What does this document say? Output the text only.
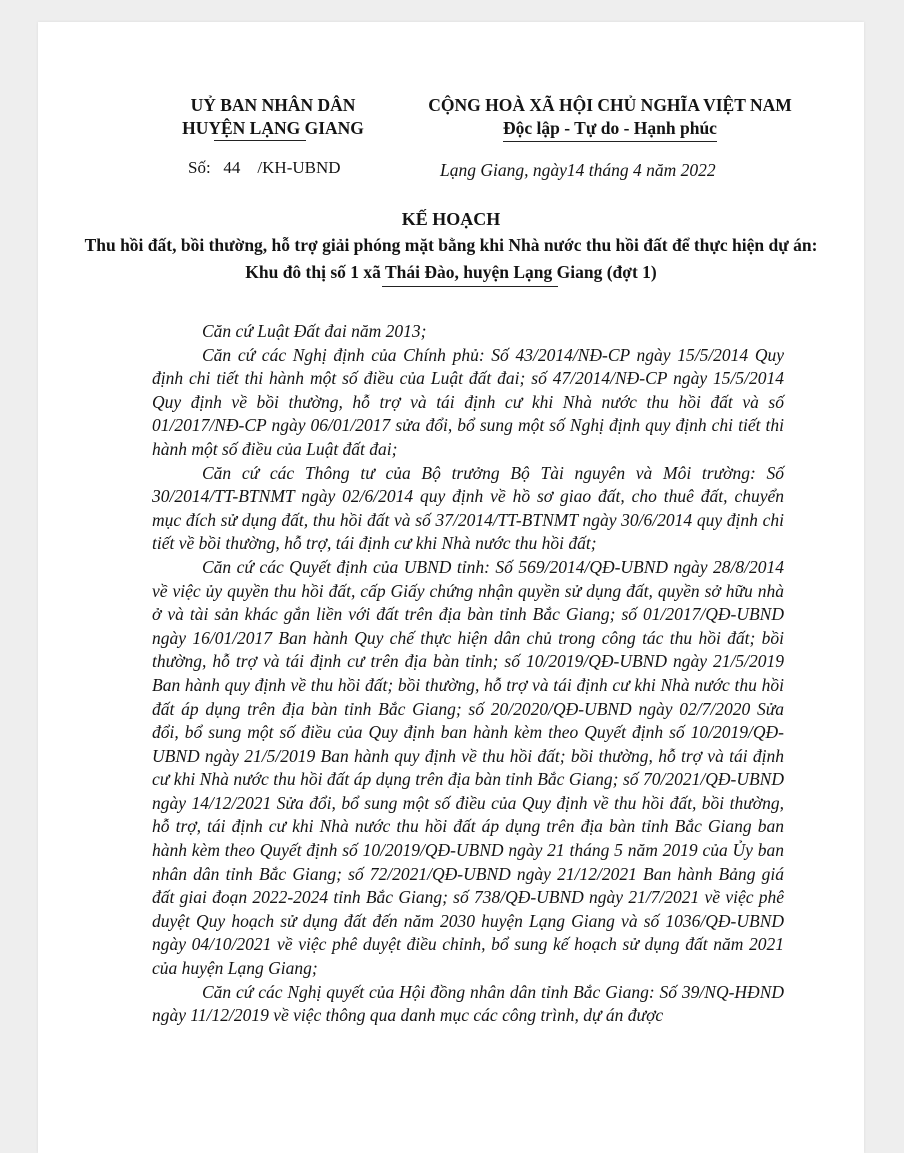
UỶ BAN NHÂN DÂN
HUYỆN LẠNG GIANG
CỘNG HOÀ XÃ HỘI CHỦ NGHĨA VIỆT NAM
Độc lập - Tự do - Hạnh phúc
Số:   44    /KH-UBND	Lạng Giang, ngày14 tháng 4 năm 2022
KẾ HOẠCH
Thu hồi đất, bồi thường, hỗ trợ giải phóng mặt bằng khi Nhà nước thu hồi đất để thực hiện dự án: Khu đô thị số 1 xã Thái Đào, huyện Lạng Giang (đợt 1)

Căn cứ Luật Đất đai năm 2013;

Căn cứ các Nghị định của Chính phủ: Số 43/2014/NĐ-CP ngày 15/5/2014 Quy định chi tiết thi hành một số điều của Luật đất đai; số 47/2014/NĐ-CP ngày 15/5/2014 Quy định về bồi thường, hỗ trợ và tái định cư khi Nhà nước thu hồi đất và số 01/2017/NĐ-CP ngày 06/01/2017 sửa đổi, bổ sung một số Nghị định quy định chi tiết thi hành một số điều của Luật đất đai;

Căn cứ các Thông tư của Bộ trưởng Bộ Tài nguyên và Môi trường: Số 30/2014/TT-BTNMT ngày 02/6/2014 quy định về hồ sơ giao đất, cho thuê đất, chuyển mục đích sử dụng đất, thu hồi đất và số 37/2014/TT-BTNMT ngày 30/6/2014 quy định chi tiết về bồi thường, hỗ trợ, tái định cư khi Nhà nước thu hồi đất;

Căn cứ các Quyết định của UBND tỉnh: Số 569/2014/QĐ-UBND ngày 28/8/2014 về việc ủy quyền thu hồi đất, cấp Giấy chứng nhận quyền sử dụng đất, quyền sở hữu nhà ở và tài sản khác gắn liền với đất trên địa bàn tỉnh Bắc Giang; số 01/2017/QĐ-UBND ngày 16/01/2017 Ban hành Quy chế thực hiện dân chủ trong công tác thu hồi đất; bồi thường, hỗ trợ và tái định cư trên địa bàn tỉnh; số 10/2019/QĐ-UBND ngày 21/5/2019 Ban hành quy định về thu hồi đất; bồi thường, hỗ trợ và tái định cư khi Nhà nước thu hồi đất áp dụng trên địa bàn tỉnh Bắc Giang; số 20/2020/QĐ-UBND ngày 02/7/2020 Sửa đổi, bổ sung một số điều của Quy định ban hành kèm theo Quyết định số 10/2019/QĐ-UBND ngày 21/5/2019 Ban hành quy định về thu hồi đất; bồi thường, hỗ trợ và tái định cư khi Nhà nước thu hồi đất áp dụng trên địa bàn tỉnh Bắc Giang; số 70/2021/QĐ-UBND ngày 14/12/2021 Sửa đổi, bổ sung một số điều của Quy định về thu hồi đất, bồi thường, hỗ trợ, tái định cư khi Nhà nước thu hồi đất áp dụng trên địa bàn tỉnh Bắc Giang ban hành kèm theo Quyết định số 10/2019/QĐ-UBND ngày 21 tháng 5 năm 2019 của Ủy ban nhân dân tỉnh Bắc Giang; số 72/2021/QĐ-UBND ngày 21/12/2021 Ban hành Bảng giá đất giai đoạn 2022-2024 tỉnh Bắc Giang; số 738/QĐ-UBND ngày 21/7/2021 về việc phê duyệt Quy hoạch sử dụng đất đến năm 2030 huyện Lạng Giang và số 1036/QĐ-UBND ngày 04/10/2021 về việc phê duyệt điều chỉnh, bổ sung kế hoạch sử dụng đất năm 2021 của huyện Lạng Giang;

Căn cứ các Nghị quyết của Hội đồng nhân dân tỉnh Bắc Giang: Số 39/NQ-HĐND ngày 11/12/2019 về việc thông qua danh mục các công trình, dự án được
